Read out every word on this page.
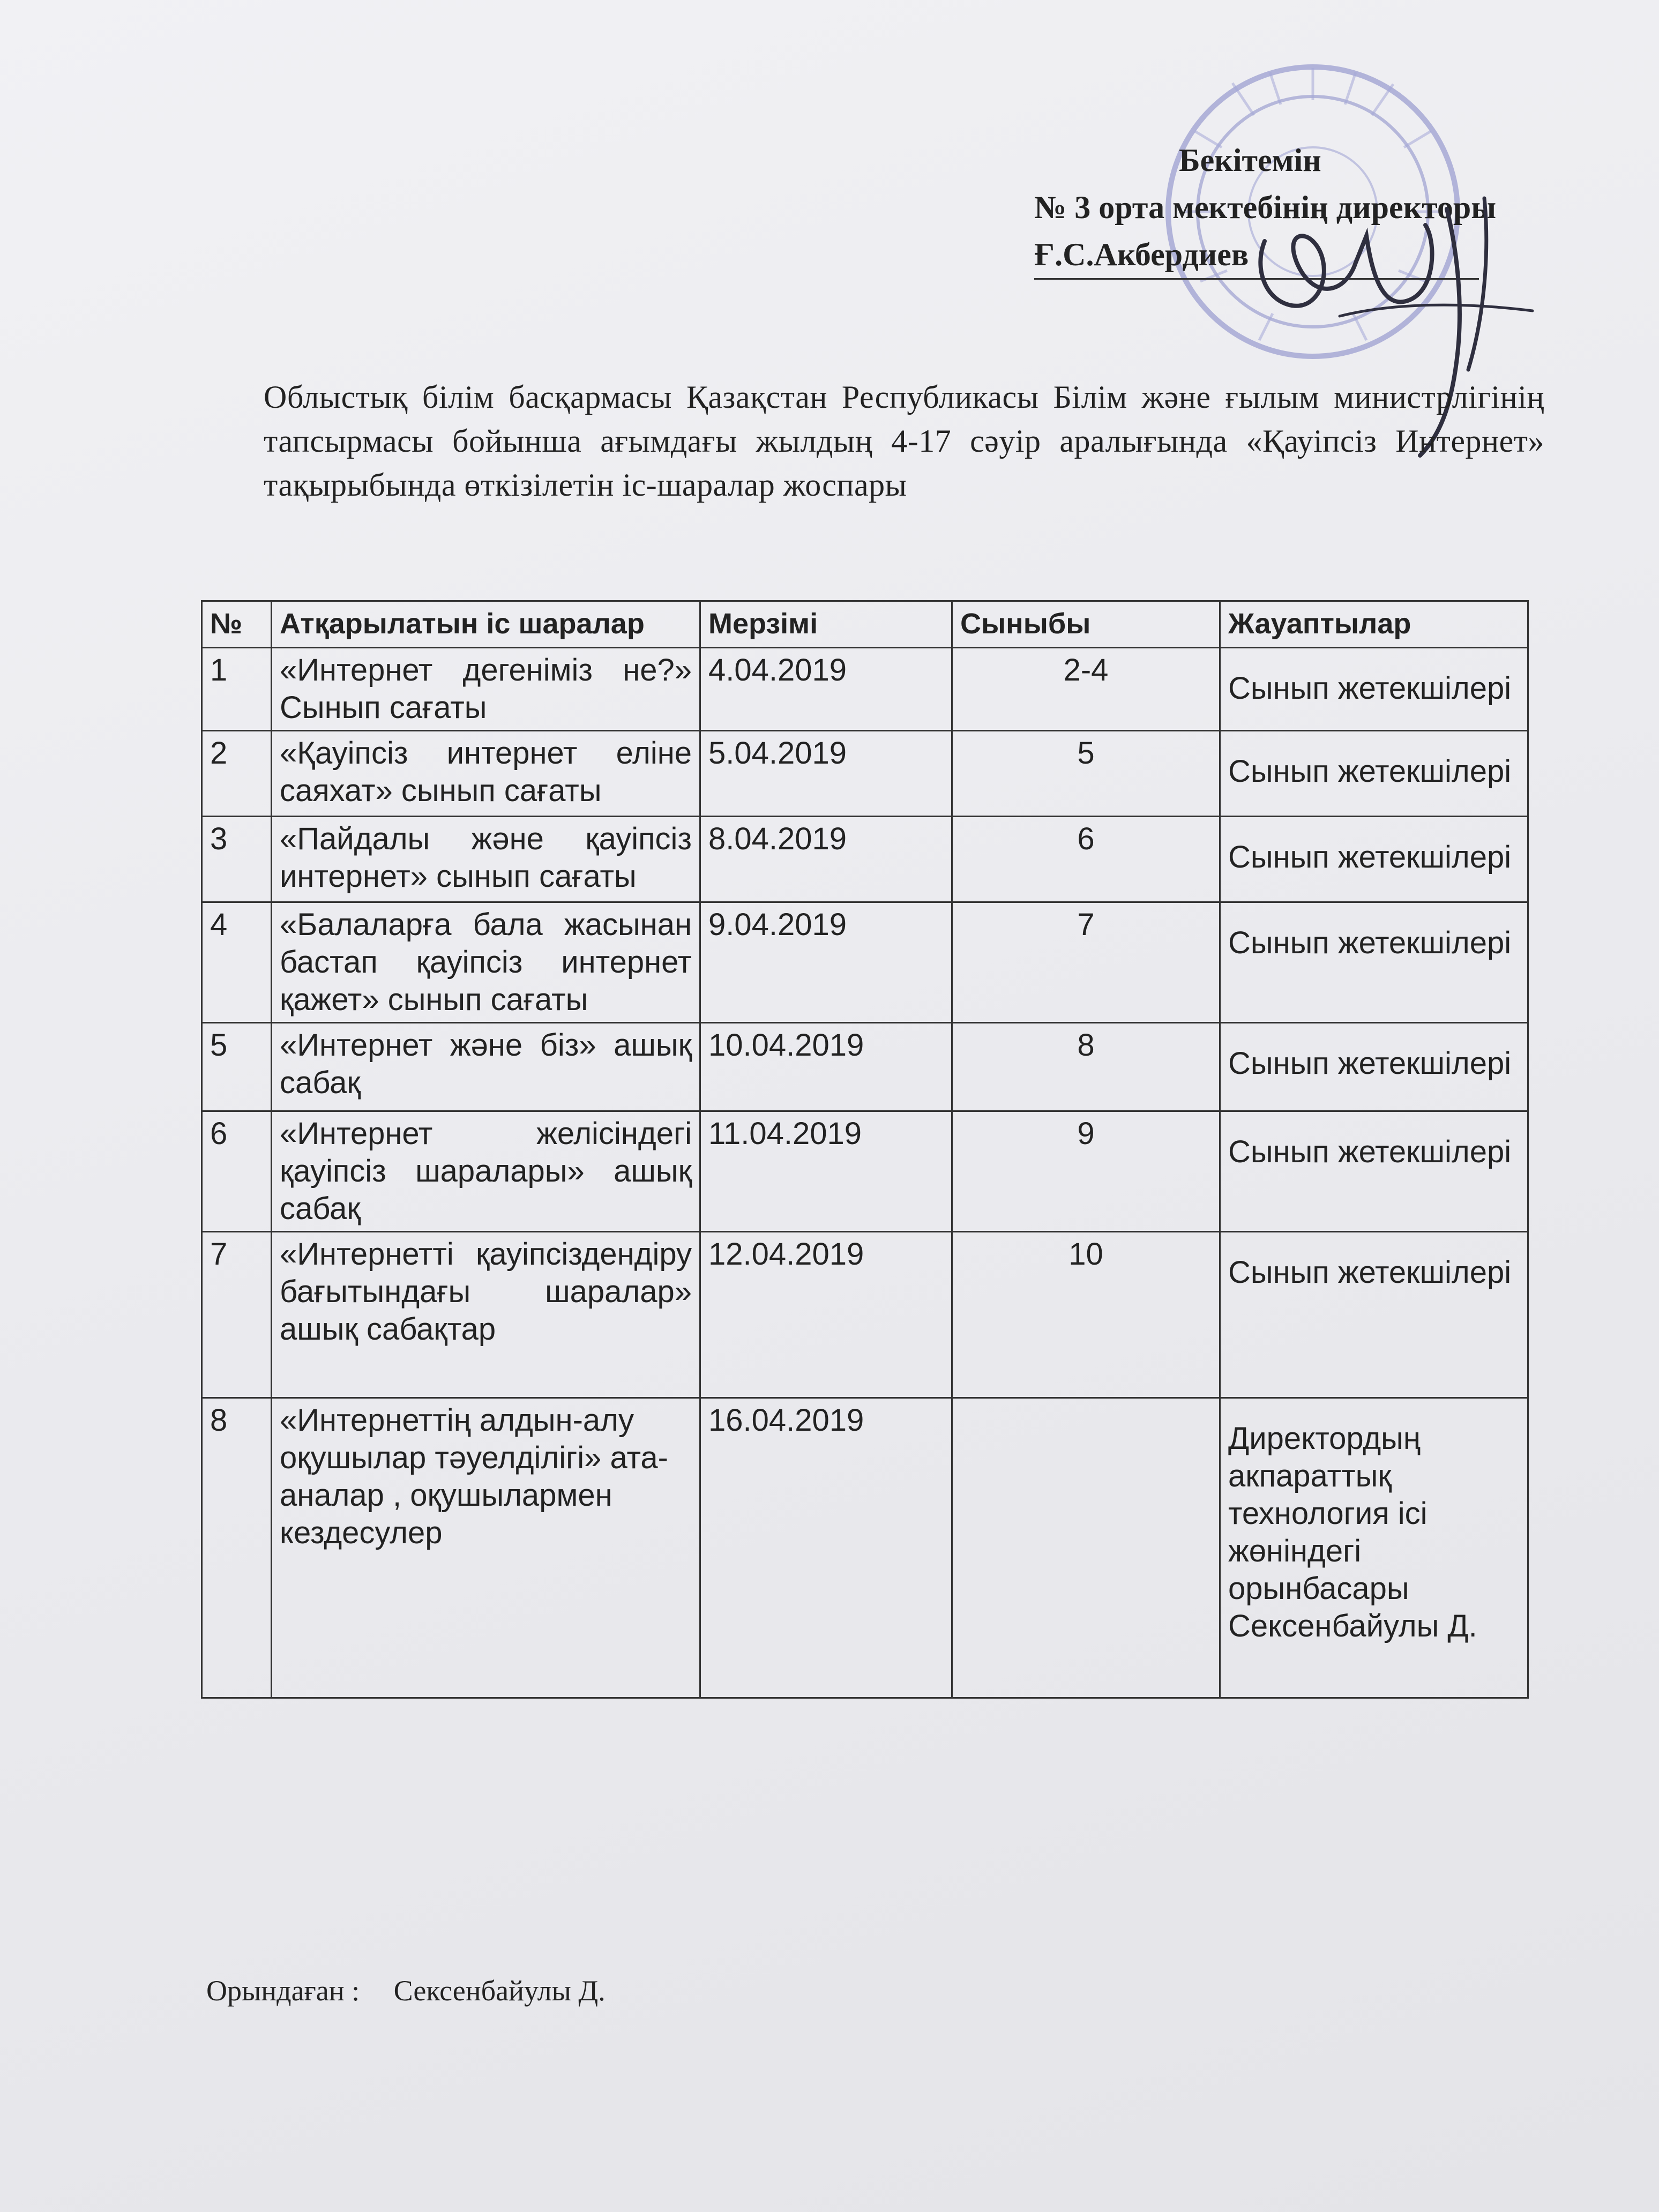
Бекітемін
№ 3 орта мектебінің директоры
Ғ.С.Акбердиев
Облыстық білім басқармасы Қазақстан Республикасы Білім және ғылым министрлігінің тапсырмасы бойынша ағымдағы жылдың 4-17 сәуір аралығында «Қауіпсіз Интернет» тақырыбында өткізілетін іс-шаралар жоспары
№	Атқарылатын іс шаралар	Мерзімі	Сыныбы	Жауаптылар
1	«Интернет дегеніміз не?» Сынып сағаты	4.04.2019	2-4	Сынып жетекшілері
2	«Қауіпсіз интернет еліне саяхат» сынып сағаты	5.04.2019	5	Сынып жетекшілері
3	«Пайдалы және қауіпсіз интернет» сынып сағаты	8.04.2019	6	Сынып жетекшілері
4	«Балаларға бала жасынан бастап қауіпсіз интернет қажет» сынып сағаты	9.04.2019	7	Сынып жетекшілері
5	«Интернет және біз» ашық сабақ	10.04.2019	8	Сынып жетекшілері
6	«Интернет желісіндегі қауіпсіз шаралары» ашық сабақ	11.04.2019	9	Сынып жетекшілері
7	«Интернетті қауіпсіздендіру бағытындағы шаралар» ашық сабақтар	12.04.2019	10	Сынып жетекшілері
8	«Интернеттің алдын-алу оқушылар тәуелділігі» ата-аналар , оқушылармен кездесулер	16.04.2019		Директордың акпараттық технология ісі жөніндегі орынбасары Сексенбайулы Д.
Орындаған : Сексенбайулы Д.
